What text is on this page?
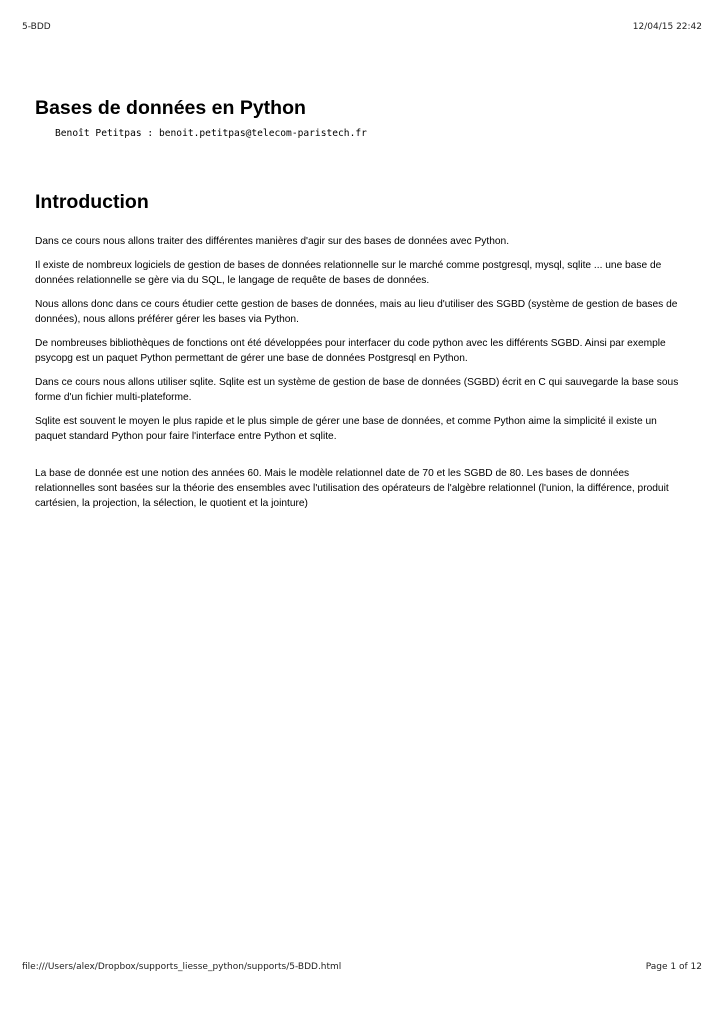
5-BDD	12/04/15 22:42
Bases de données en Python
Benoît Petitpas : benoit.petitpas@telecom-paristech.fr
Introduction

Dans ce cours nous allons traiter des différentes manières d'agir sur des bases de données avec Python.

Il existe de nombreux logiciels de gestion de bases de données relationnelle sur le marché comme postgresql, mysql, sqlite ... une base de données relationnelle se gère via du SQL, le langage de requête de bases de données.

Nous allons donc dans ce cours étudier cette gestion de bases de données, mais au lieu d'utiliser des SGBD (système de gestion de bases de données), nous allons préférer gérer les bases via Python.

De nombreuses bibliothèques de fonctions ont été développées pour interfacer du code python avec les différents SGBD. Ainsi par exemple psycopg est un paquet Python permettant de gérer une base de données Postgresql en Python.

Dans ce cours nous allons utiliser sqlite. Sqlite est un système de gestion de base de données (SGBD) écrit en C qui sauvegarde la base sous forme d'un fichier multi-plateforme.

Sqlite est souvent le moyen le plus rapide et le plus simple de gérer une base de données, et comme Python aime la simplicité il existe un paquet standard Python pour faire l'interface entre Python et sqlite.

La base de donnée est une notion des années 60. Mais le modèle relationnel date de 70 et les SGBD de 80. Les bases de données relationnelles sont basées sur la théorie des ensembles avec l'utilisation des opérateurs de l'algèbre relationnel (l'union, la différence, produit cartésien, la projection, la sélection, le quotient et la jointure)

file:///Users/alex/Dropbox/supports_liesse_python/supports/5-BDD.html	Page 1 of 12
